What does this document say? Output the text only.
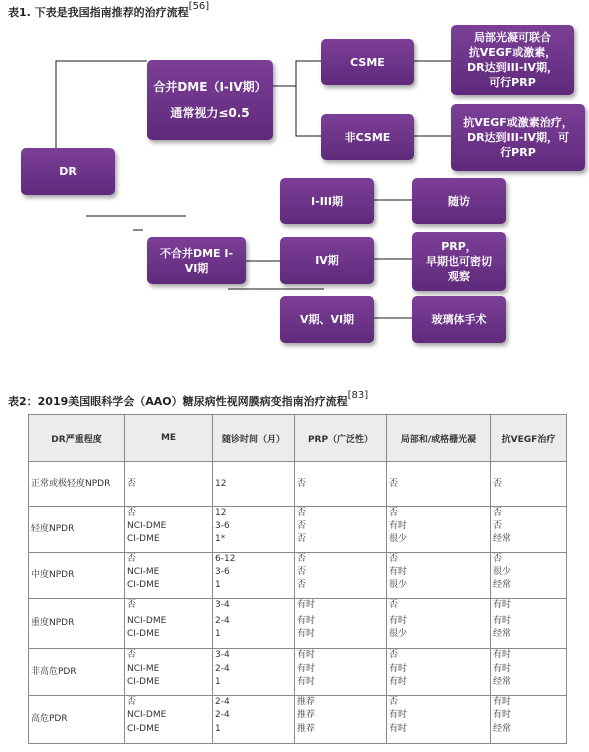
表1. 下表是我国指南推荐的治疗流程[56]
DR
合并DME（I-IV期）
通常视力≤0.5
CSME
非CSME
局部光凝可联合
抗VEGF或激素，
DR达到III-IV期，
可行PRP
抗VEGF或激素治疗，
DR达到III-IV期，可
行PRP
不合并DME I-
VI期
I-III期	随访
IV期
PRP，
早期也可密切
观察
V期、VI期	玻璃体手术
表2：2019美国眼科学会（AAO）糖尿病性视网膜病变指南治疗流程[83]
DR严重程度	ME	随诊时间（月）	PRP（广泛性）	局部和/或格栅光凝	抗VEGF治疗
正常或极轻度NPDR	否	12	否	否	否
轻度NPDR	否	12	否	否	否
	NCI-DME	3-6	否	有时	否
	CI-DME	1*	否	很少	经常
中度NPDR	否	6-12	否	否	否
	NCI-ME	3-6	否	有时	很少
	CI-DME	1	否	很少	经常
重度NPDR	否	3-4	有时	否	有时
	NCI-DME	2-4	有时	有时	有时
	CI-DME	1	有时	很少	经常
非高危PDR	否	3-4	有时	否	有时
	NCI-ME	2-4	有时	有时	有时
	CI-DME	1	有时	有时	经常
高危PDR	否	2-4	推荐	否	有时
	NCI-DME	2-4	推荐	有时	有时
	CI-DME	1	推荐	有时	经常
